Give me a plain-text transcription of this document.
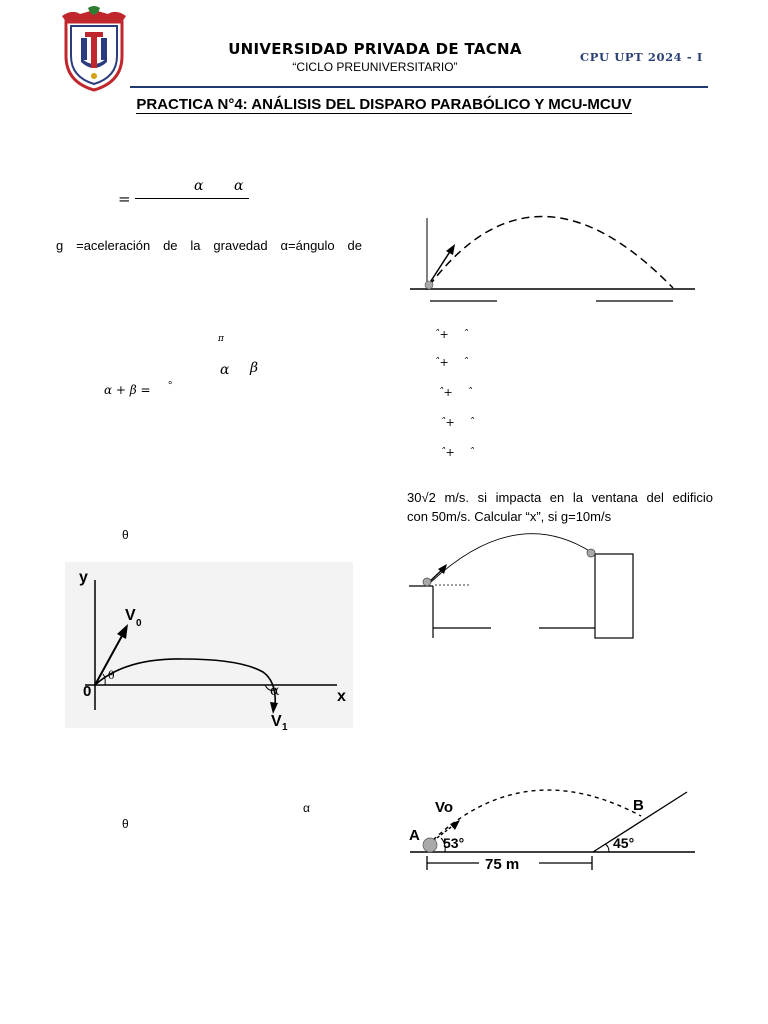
UNIVERSIDAD PRIVADA DE TACNA
“CICLO PREUNIVERSITARIO”
CPU UPT 2024 - I
PRACTICA N°4: ANÁLISIS DEL DISPARO PARABÓLICO Y MCU-MCUV
=
α α
g =aceleración de la gravedad α=ángulo de
π
α β
α + β = °
θ
y
x
0
V 0
V 1
θ
α
α
θ
ˆ+    ˆ
ˆ+    ˆ
ˆ+    ˆ
ˆ+    ˆ
ˆ+    ˆ
30√2 m/s. si impacta en la ventana del edificio
con 50m/s. Calcular “x”, si g=10m/s
Vo
A
B
53°	45°
75 m
